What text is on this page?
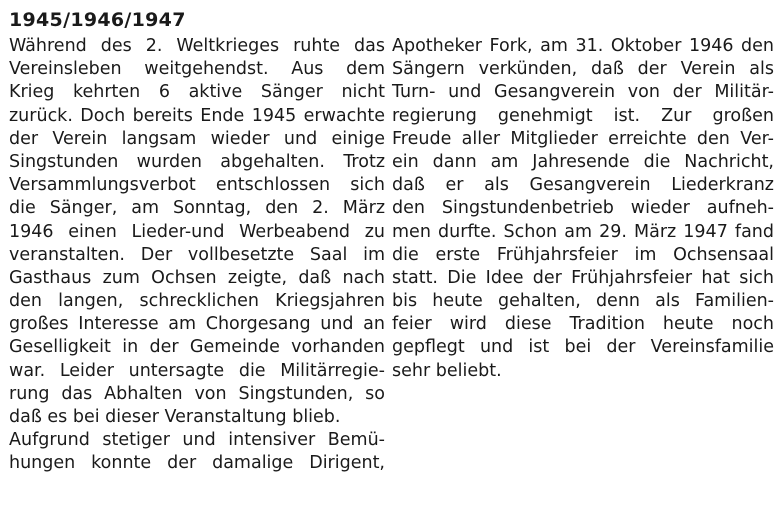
1945/1946/1947
Während des 2. Weltkrieges ruhte das
Vereinsleben weitgehendst. Aus dem
Krieg kehrten 6 aktive Sänger nicht
zurück. Doch bereits Ende 1945 erwachte
der Verein langsam wieder und einige
Singstunden wurden abgehalten. Trotz
Versammlungsverbot entschlossen sich
die Sänger, am Sonntag, den 2. März
1946 einen Lieder-und Werbeabend zu
veranstalten. Der vollbesetzte Saal im
Gasthaus zum Ochsen zeigte, daß nach
den langen, schrecklichen Kriegsjahren
großes Interesse am Chorgesang und an
Geselligkeit in der Gemeinde vorhanden
war. Leider untersagte die Militärregie-
rung das Abhalten von Singstunden, so
daß es bei dieser Veranstaltung blieb.
Aufgrund stetiger und intensiver Bemü-
hungen konnte der damalige Dirigent,
Apotheker Fork, am 31. Oktober 1946 den
Sängern verkünden, daß der Verein als
Turn- und Gesangverein von der Militär-
regierung genehmigt ist. Zur großen
Freude aller Mitglieder erreichte den Ver-
ein dann am Jahresende die Nachricht,
daß er als Gesangverein Liederkranz
den Singstundenbetrieb wieder aufneh-
men durfte. Schon am 29. März 1947 fand
die erste Frühjahrsfeier im Ochsensaal
statt. Die Idee der Frühjahrsfeier hat sich
bis heute gehalten, denn als Familien-
feier wird diese Tradition heute noch
gepflegt und ist bei der Vereinsfamilie
sehr beliebt.
